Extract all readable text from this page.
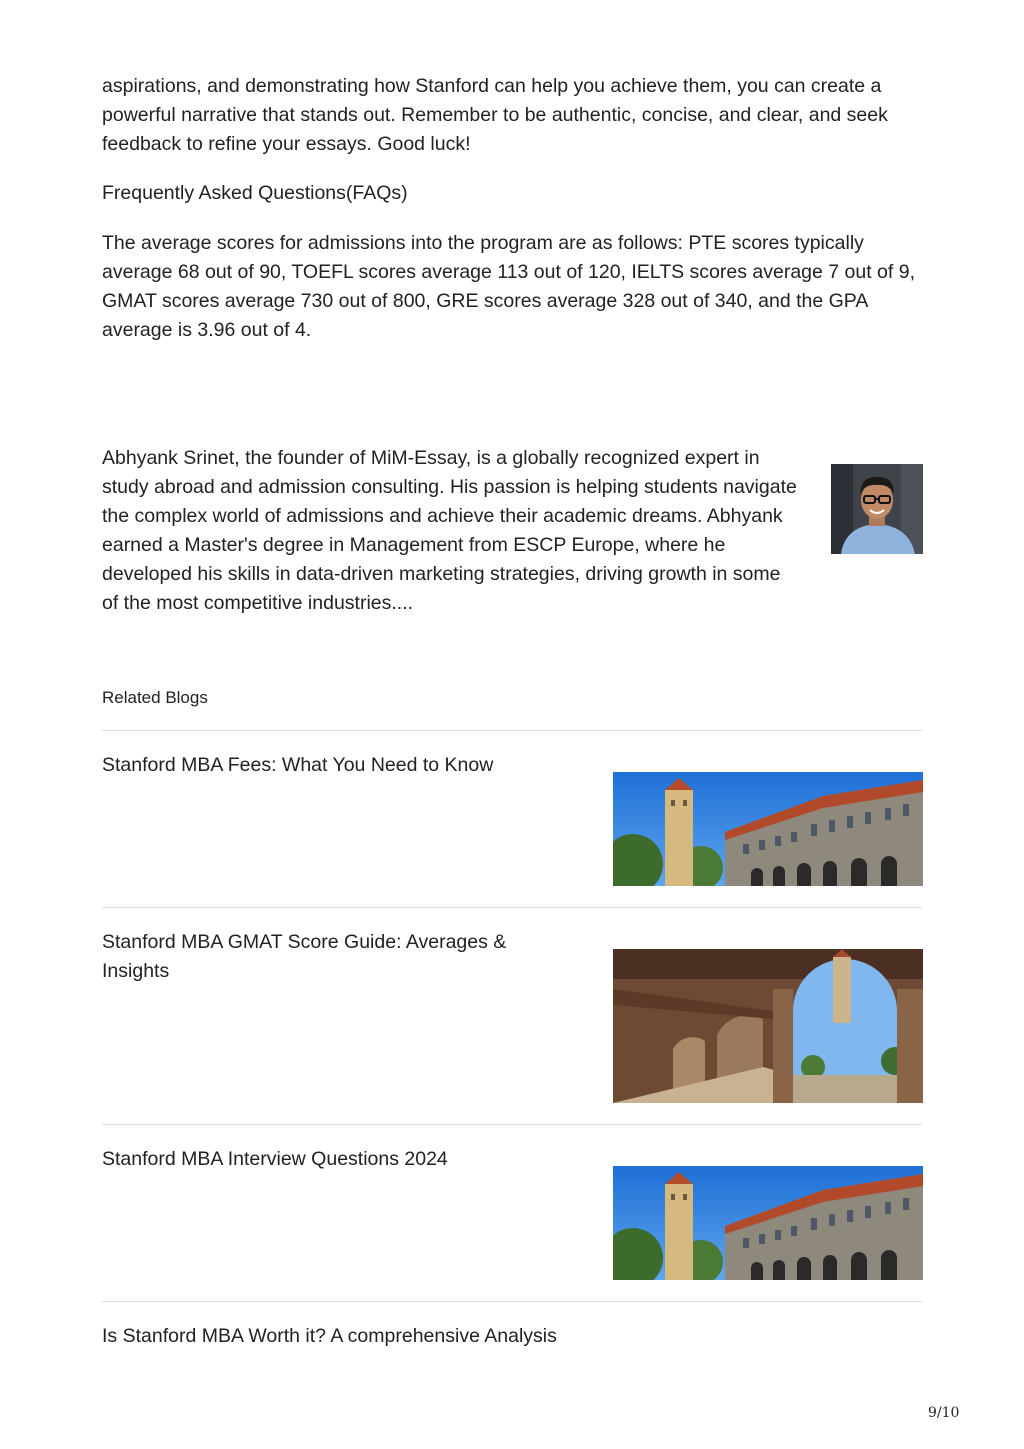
aspirations, and demonstrating how Stanford can help you achieve them, you can create a powerful narrative that stands out. Remember to be authentic, concise, and clear, and seek feedback to refine your essays. Good luck!

Frequently Asked Questions(FAQs)

The average scores for admissions into the program are as follows: PTE scores typically average 68 out of 90, TOEFL scores average 113 out of 120, IELTS scores average 7 out of 9, GMAT scores average 730 out of 800, GRE scores average 328 out of 340, and the GPA average is 3.96 out of 4.

Abhyank Srinet, the founder of MiM-Essay, is a globally recognized expert in study abroad and admission consulting. His passion is helping students navigate the complex world of admissions and achieve their academic dreams. Abhyank earned a Master's degree in Management from ESCP Europe, where he developed his skills in data-driven marketing strategies, driving growth in some of the most competitive industries....

Related Blogs
Stanford MBA Fees: What You Need to Know
Stanford MBA GMAT Score Guide: Averages & Insights
Stanford MBA Interview Questions 2024
Is Stanford MBA Worth it? A comprehensive Analysis
9/10
